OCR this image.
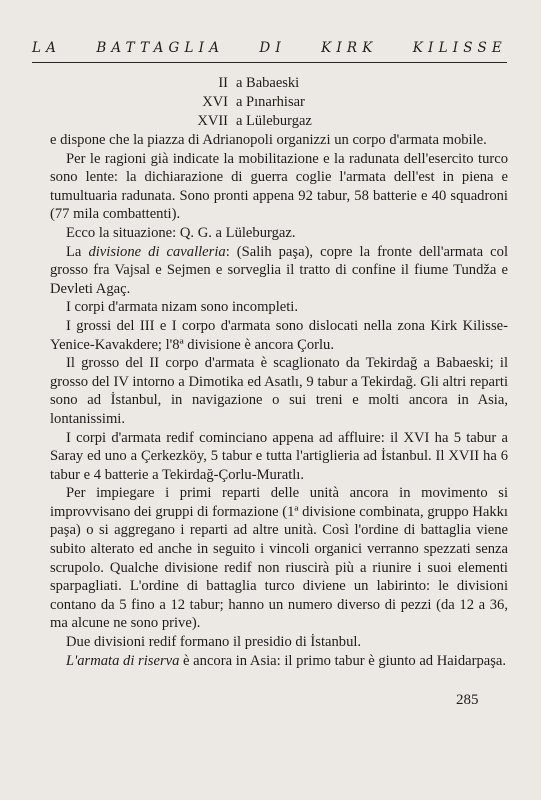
LA	BATTAGLIA	DI	KIRK	KILISSE
II a Babaeski
XVI a Pınarhisar
XVII a Lüleburgaz

e dispone che la piazza di Adrianopoli organizzi un corpo d'armata mobile.

Per le ragioni già indicate la mobilitazione e la radunata dell'esercito turco sono lente: la dichiarazione di guerra coglie l'armata dell'est in piena e tumultuaria radunata. Sono pronti appena 92 tabur, 58 batterie e 40 squadroni (77 mila combattenti).

Ecco la situazione: Q. G. a Lüleburgaz.

La divisione di cavalleria: (Salih paşa), copre la fronte dell'armata col grosso fra Vajsal e Sejmen e sorveglia il tratto di confine il fiume Tundža e Devleti Agaç.

I corpi d'armata nizam sono incompleti.

I grossi del III e I corpo d'armata sono dislocati nella zona Kirk Kilisse-Yenice-Kavakdere; l'8ª divisione è ancora Çorlu.

Il grosso del II corpo d'armata è scaglionato da Tekirdağ a Babaeski; il grosso del IV intorno a Dimotika ed Asatlı, 9 tabur a Tekirdağ. Gli altri reparti sono ad İstanbul, in navigazione o sui treni e molti ancora in Asia, lontanissimi.

I corpi d'armata redif cominciano appena ad affluire: il XVI ha 5 tabur a Saray ed uno a Çerkezköy, 5 tabur e tutta l'artiglieria ad İstanbul. Il XVII ha 6 tabur e 4 batterie a Tekirdağ-Çorlu-Muratlı.

Per impiegare i primi reparti delle unità ancora in movimento si improvvisano dei gruppi di formazione (1ª divisione combinata, gruppo Hakkı paşa) o si aggregano i reparti ad altre unità. Così l'ordine di battaglia viene subito alterato ed anche in seguito i vincoli organici verranno spezzati senza scrupolo. Qualche divisione redif non riuscirà più a riunire i suoi elementi sparpagliati. L'ordine di battaglia turco diviene un labirinto: le divisioni contano da 5 fino a 12 tabur; hanno un numero diverso di pezzi (da 12 a 36, ma alcune ne sono prive).

Due divisioni redif formano il presidio di İstanbul.

L'armata di riserva è ancora in Asia: il primo tabur è giunto ad Haidarpaşa.

285
